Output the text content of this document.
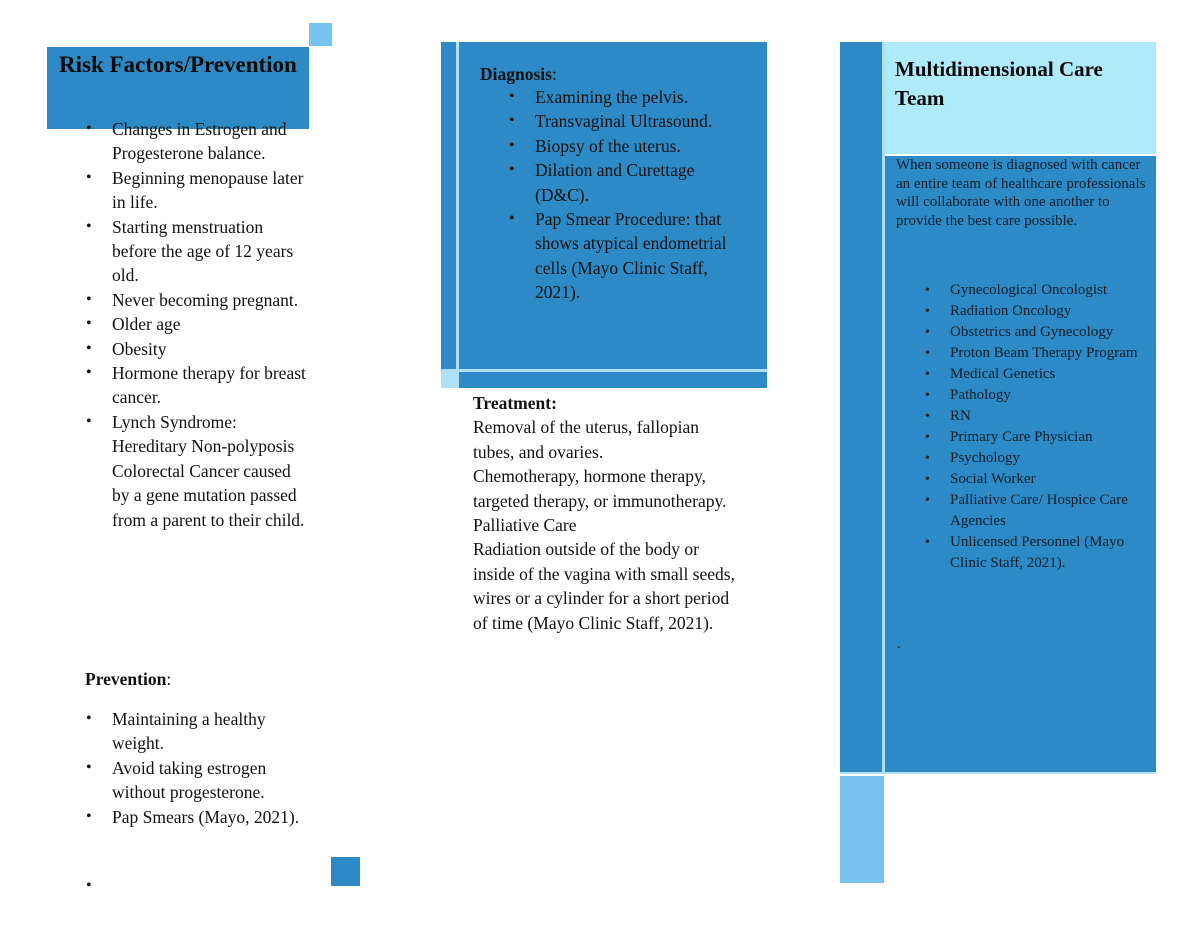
Risk Factors/Prevention
• Changes in Estrogen and Progesterone balance.
• Beginning menopause later in life.
• Starting menstruation before the age of 12 years old.
• Never becoming pregnant.
• Older age
• Obesity
• Hormone therapy for breast cancer.
• Lynch Syndrome: Hereditary Non-polyposis Colorectal Cancer caused by a gene mutation passed from a parent to their child.
Prevention:
• Maintaining a healthy weight.
• Avoid taking estrogen without progesterone.
• Pap Smears (Mayo, 2021).
•
Diagnosis:
• Examining the pelvis.
• Transvaginal Ultrasound.
• Biopsy of the uterus.
• Dilation and Curettage (D&C).
• Pap Smear Procedure: that shows atypical endometrial cells (Mayo Clinic Staff, 2021).

Treatment:

Removal of the uterus, fallopian tubes, and ovaries.

Chemotherapy, hormone therapy, targeted therapy, or immunotherapy.

Palliative Care

Radiation outside of the body or inside of the vagina with small seeds, wires or a cylinder for a short period of time (Mayo Clinic Staff, 2021).

Multidimensional Care Team
When someone is diagnosed with cancer an entire team of healthcare professionals will collaborate with one another to provide the best care possible.
• Gynecological Oncologist
• Radiation Oncology
• Obstetrics and Gynecology
• Proton Beam Therapy Program
• Medical Genetics
• Pathology
• RN
• Primary Care Physician
• Psychology
• Social Worker
• Palliative Care/ Hospice Care Agencies
• Unlicensed Personnel (Mayo Clinic Staff, 2021).
.
